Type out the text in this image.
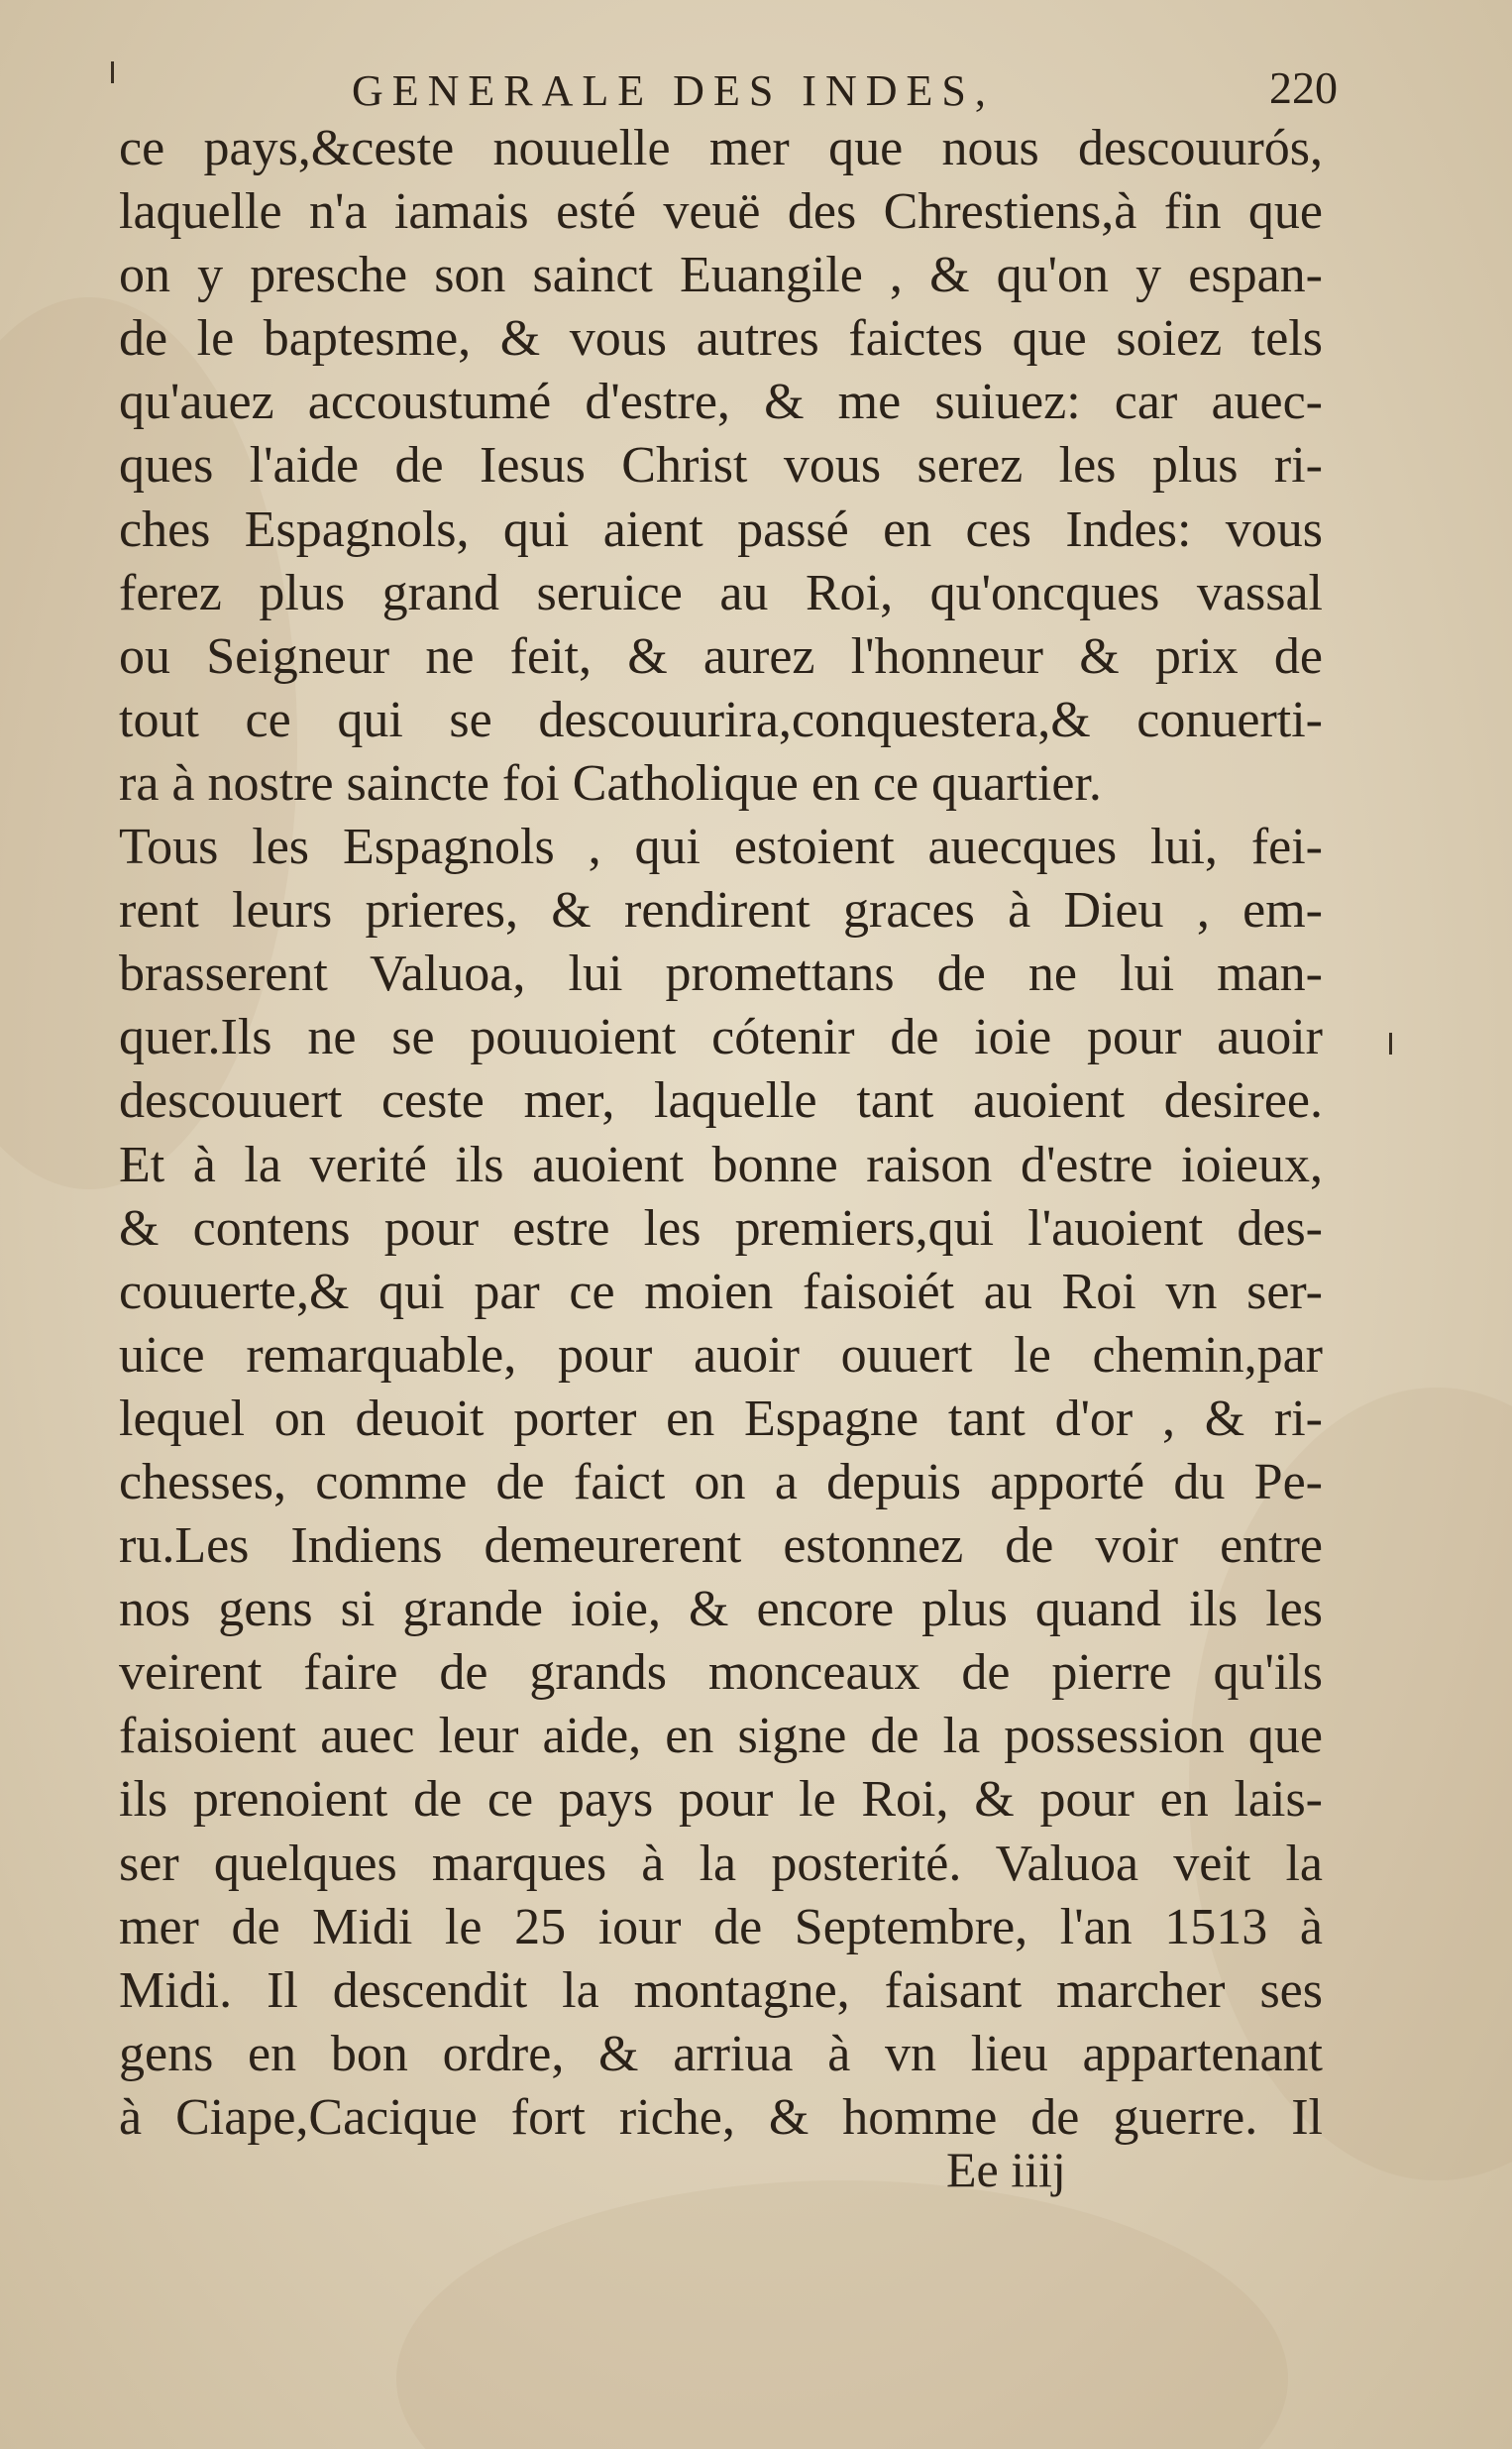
GENERALE DES INDES,	220
ce pays,&ceste nouuelle mer que nous descouurós,
laquelle n'a iamais esté veuë des Chrestiens,à fin que
on y presche son sainct Euangile , & qu'on y espan-
de le baptesme, & vous autres faictes que soiez tels
qu'auez accoustumé d'estre, & me suiuez: car auec-
ques l'aide de Iesus Christ vous serez les plus ri-
ches Espagnols, qui aient passé en ces Indes: vous
ferez plus grand seruice au Roi, qu'oncques vassal
ou Seigneur ne feit, & aurez l'honneur & prix de
tout ce qui se descouurira,conquestera,& conuerti-
ra à nostre saincte foi Catholique en ce quartier.
Tous les Espagnols , qui estoient auecques lui, fei-
rent leurs prieres, & rendirent graces à Dieu , em-
brasserent Valuoa, lui promettans de ne lui man-
quer.Ils ne se pouuoient cótenir de ioie pour auoir
descouuert ceste mer, laquelle tant auoient desiree.
Et à la verité ils auoient bonne raison d'estre ioieux,
& contens pour estre les premiers,qui l'auoient des-
couuerte,& qui par ce moien faisoiét au Roi vn ser-
uice remarquable, pour auoir ouuert le chemin,par
lequel on deuoit porter en Espagne tant d'or , & ri-
chesses, comme de faict on a depuis apporté du Pe-
ru.Les Indiens demeurerent estonnez de voir entre
nos gens si grande ioie, & encore plus quand ils les
veirent faire de grands monceaux de pierre qu'ils
faisoient auec leur aide, en signe de la possession que
ils prenoient de ce pays pour le Roi, & pour en lais-
ser quelques marques à la posterité. Valuoa veit la
mer de Midi le 25 iour de Septembre, l'an 1513 à
Midi. Il descendit la montagne, faisant marcher ses
gens en bon ordre, & arriua à vn lieu appartenant
à Ciape,Cacique fort riche, & homme de guerre. Il
Ee iiij
